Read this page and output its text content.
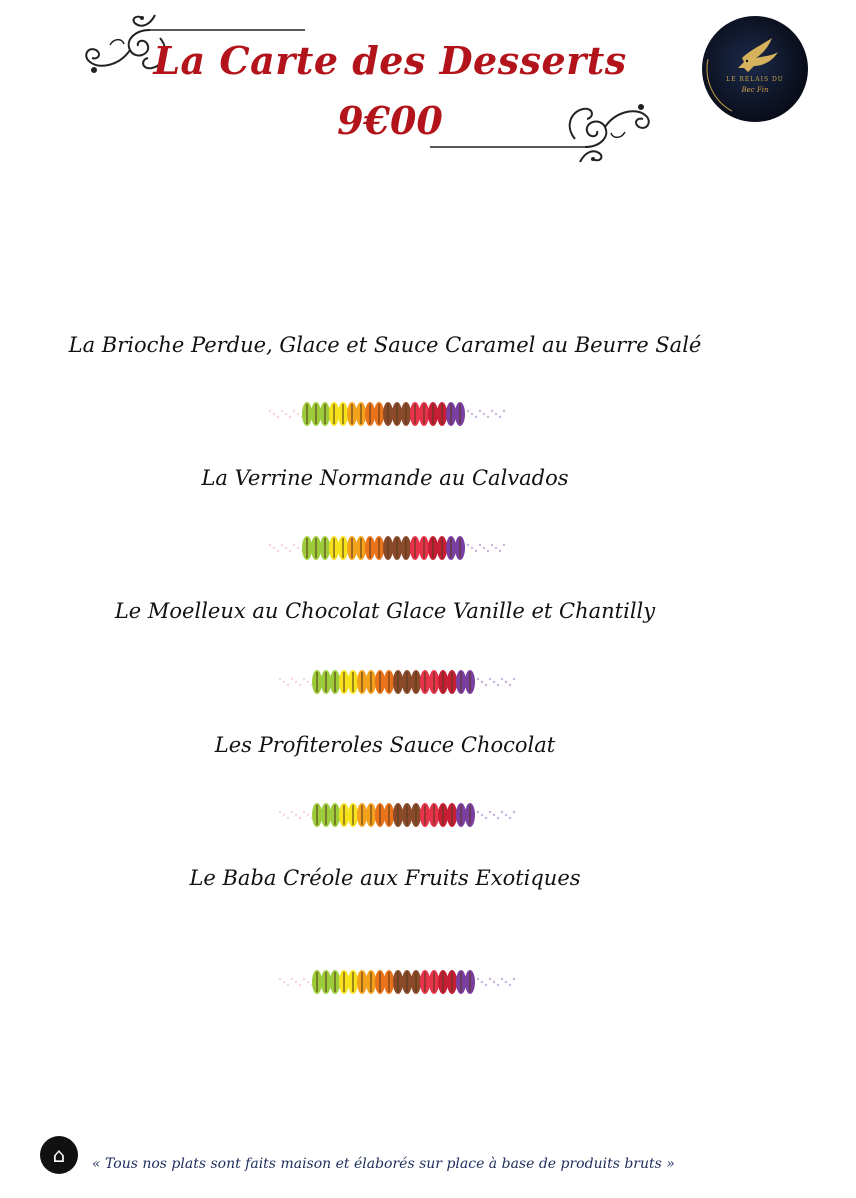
La Carte des Desserts
9€00
LE RELAIS DU
Bec Fin

La Brioche Perdue, Glace et Sauce Caramel au Beurre Salé

La Verrine Normande au Calvados

Le Moelleux au Chocolat Glace Vanille et Chantilly

Les Profiteroles Sauce Chocolat

Le Baba Créole aux Fruits Exotiques

⌂	« Tous nos plats sont faits maison et élaborés sur place à base de produits bruts »
